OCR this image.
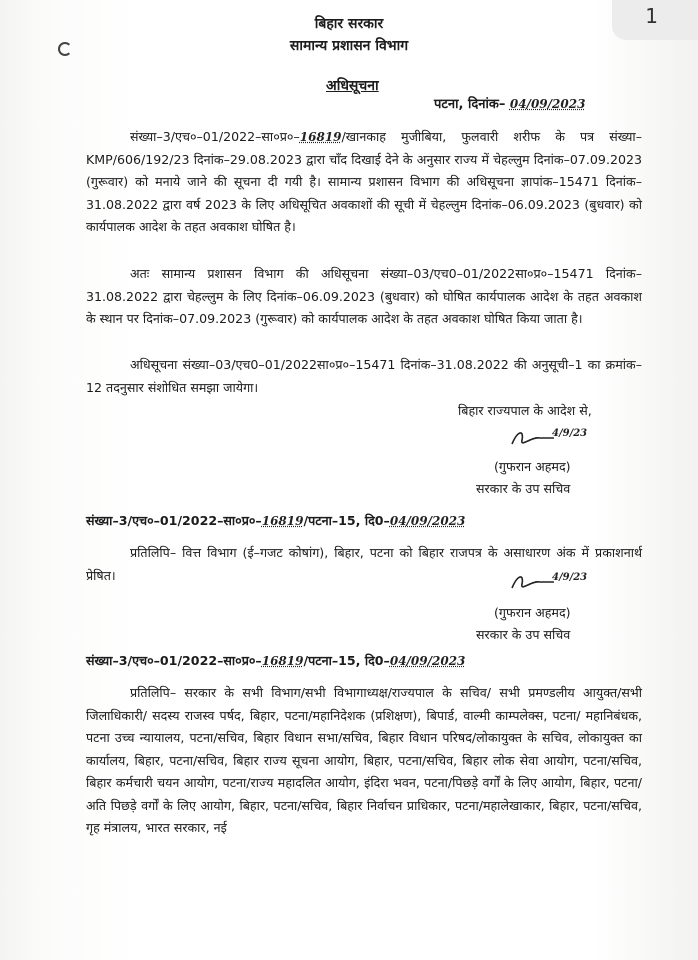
1
बिहार सरकार
सामान्य प्रशासन विभाग
अधिसूचना
पटना, दिनांक– 04/09/2023

संख्या–3/एच०–01/2022–सा०प्र०–16819/खानकाह मुजीबिया, फुलवारी शरीफ के पत्र संख्या–KMP/606/192/23 दिनांक–29.08.2023 द्वारा चाँद दिखाई देने के अनुसार राज्य में चेहल्लुम दिनांक–07.09.2023 (गुरूवार) को मनाये जाने की सूचना दी गयी है। सामान्य प्रशासन विभाग की अधिसूचना ज्ञापांक–15471 दिनांक–31.08.2022 द्वारा वर्ष 2023 के लिए अधिसूचित अवकाशों की सूची में चेहल्लुम दिनांक–06.09.2023 (बुधवार) को कार्यपालक आदेश के तहत अवकाश घोषित है।

अतः सामान्य प्रशासन विभाग की अधिसूचना संख्या–03/एच0–01/2022सा०प्र०–15471 दिनांक–31.08.2022 द्वारा चेहल्लुम के लिए दिनांक–06.09.2023 (बुधवार) को घोषित कार्यपालक आदेश के तहत अवकाश के स्थान पर दिनांक–07.09.2023 (गुरूवार) को कार्यपालक आदेश के तहत अवकाश घोषित किया जाता है।

अधिसूचना संख्या–03/एच0–01/2022सा०प्र०–15471 दिनांक–31.08.2022 की अनुसूची–1 का क्रमांक–12 तदनुसार संशोधित समझा जायेगा।

बिहार राज्यपाल के आदेश से,
4/9/23
(गुफरान अहमद)
सरकार के उप सचिव
संख्या–3/एच०–01/2022–सा०प्र०–16819/पटना–15, दि0–04/09/2023

प्रतिलिपि– वित्त विभाग (ई–गजट कोषांग), बिहार, पटना को बिहार राजपत्र के असाधारण अंक में प्रकाशनार्थ प्रेषित।	4/9/23
(गुफरान अहमद)
सरकार के उप सचिव
संख्या–3/एच०–01/2022–सा०प्र०–16819/पटना–15, दि0–04/09/2023

प्रतिलिपि– सरकार के सभी विभाग/सभी विभागाध्यक्ष/राज्यपाल के सचिव/ सभी प्रमण्डलीय आयुक्त/सभी जिलाधिकारी/ सदस्य राजस्व पर्षद, बिहार, पटना/महानिदेशक (प्रशिक्षण), बिपार्ड, वाल्मी काम्पलेक्स, पटना/ महानिबंधक, पटना उच्च न्यायालय, पटना/सचिव, बिहार विधान सभा/सचिव, बिहार विधान परिषद/लोकायुक्त के सचिव, लोकायुक्त का कार्यालय, बिहार, पटना/सचिव, बिहार राज्य सूचना आयोग, बिहार, पटना/सचिव, बिहार लोक सेवा आयोग, पटना/सचिव, बिहार कर्मचारी चयन आयोग, पटना/राज्य महादलित आयोग, इंदिरा भवन, पटना/पिछड़े वर्गों के लिए आयोग, बिहार, पटना/ अति पिछड़े वर्गों के लिए आयोग, बिहार, पटना/सचिव, बिहार निर्वाचन प्राधिकार, पटना/महालेखाकार, बिहार, पटना/सचिव, गृह मंत्रालय, भारत सरकार, नई
